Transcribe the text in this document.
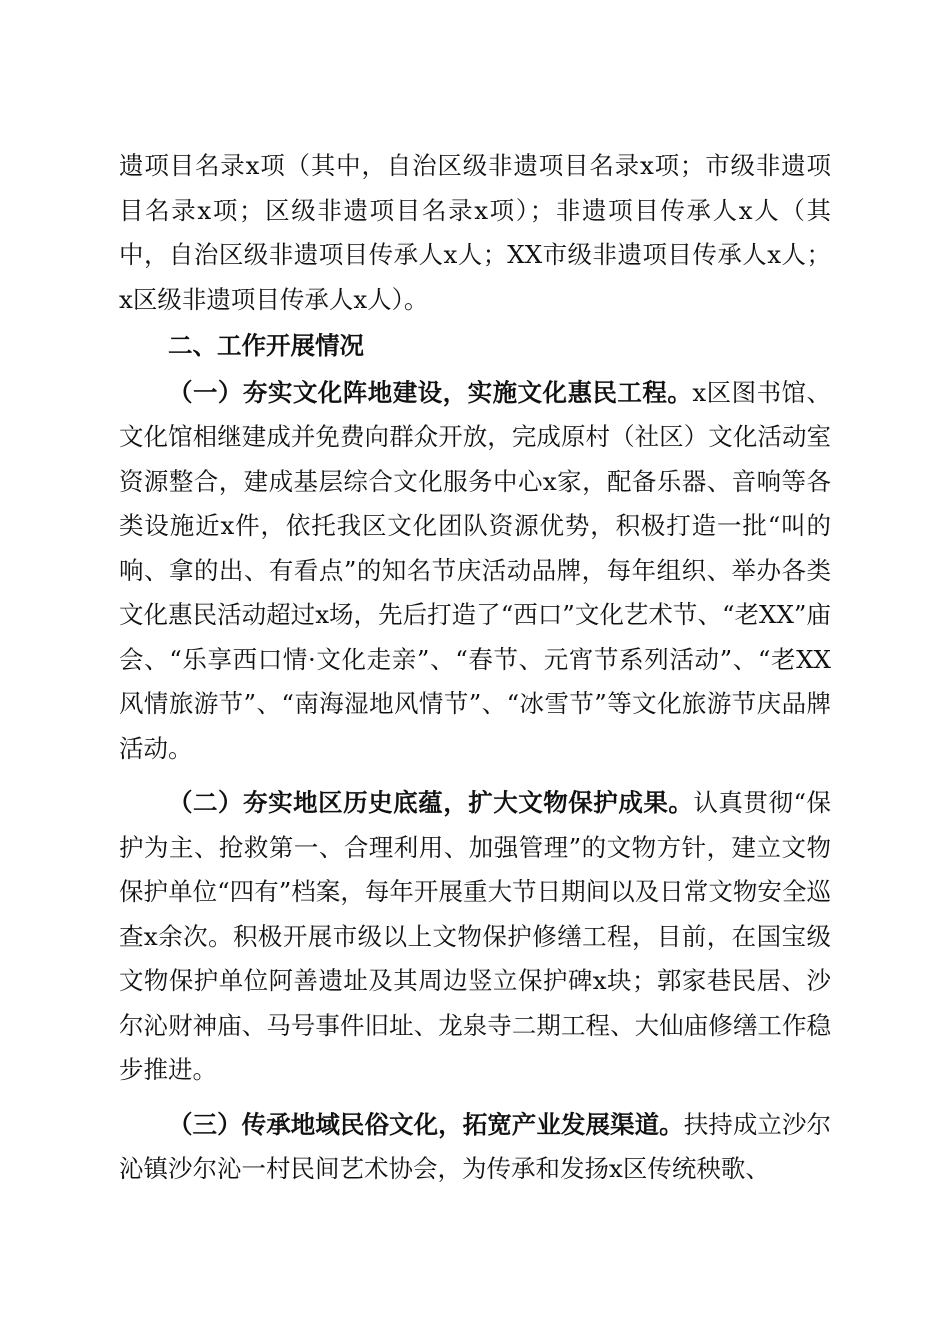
遗项目名录x项（其中，自治区级非遗项目名录x项；市级非遗项目名录x项；区级非遗项目名录x项）；非遗项目传承人x人（其中，自治区级非遗项目传承人x人；XX市级非遗项目传承人x人；x区级非遗项目传承人x人）。

二、工作开展情况

（一）夯实文化阵地建设，实施文化惠民工程。x区图书馆、文化馆相继建成并免费向群众开放，完成原村（社区）文化活动室资源整合，建成基层综合文化服务中心x家，配备乐器、音响等各类设施近x件，依托我区文化团队资源优势，积极打造一批“叫的响、拿的出、有看点”的知名节庆活动品牌，每年组织、举办各类文化惠民活动超过x场，先后打造了“西口”文化艺术节、“老XX”庙会、“乐享西口情·文化走亲”、“春节、元宵节系列活动”、“老XX风情旅游节”、“南海湿地风情节”、“冰雪节”等文化旅游节庆品牌活动。

（二）夯实地区历史底蕴，扩大文物保护成果。认真贯彻“保护为主、抢救第一、合理利用、加强管理”的文物方针，建立文物保护单位“四有”档案，每年开展重大节日期间以及日常文物安全巡查x余次。积极开展市级以上文物保护修缮工程，目前，在国宝级文物保护单位阿善遗址及其周边竖立保护碑x块；郭家巷民居、沙尔沁财神庙、马号事件旧址、龙泉寺二期工程、大仙庙修缮工作稳步推进。

（三）传承地域民俗文化，拓宽产业发展渠道。扶持成立沙尔沁镇沙尔沁一村民间艺术协会，为传承和发扬x区传统秧歌、
